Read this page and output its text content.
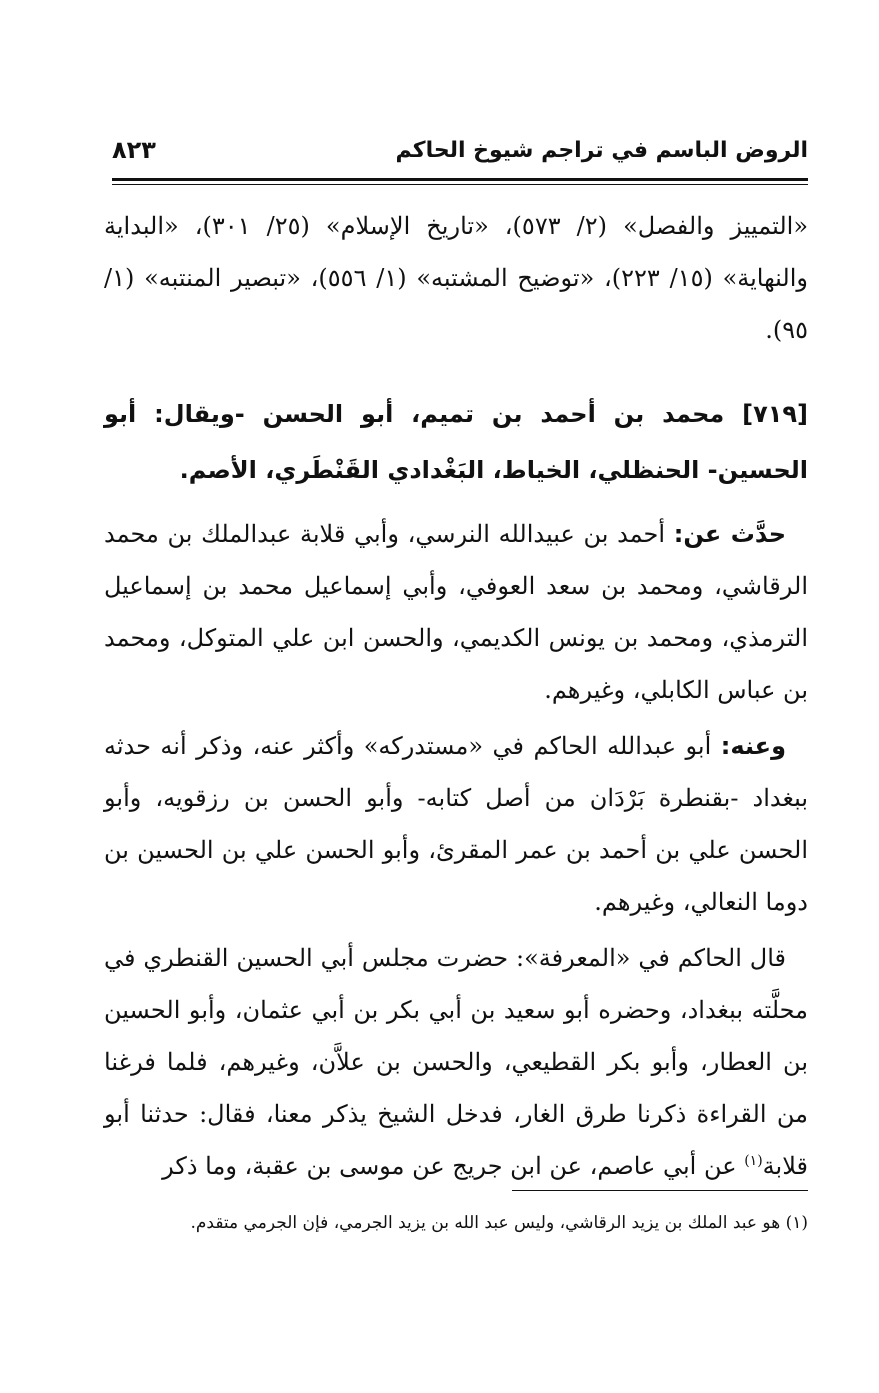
الروض الباسم في تراجم شيوخ الحاكم
٨٢٣

«التمييز والفصل» (٢/ ٥٧٣)، «تاريخ الإسلام» (٢٥/ ٣٠١)، «البداية والنهاية» (١٥/ ٢٢٣)، «توضيح المشتبه» (١/ ٥٥٦)، «تبصير المنتبه» (١/ ٩٥).

[٧١٩] محمد بن أحمد بن تميم، أبو الحسن -ويقال: أبو الحسين- الحنظلي، الخياط، البَغْدادي القَنْطَري، الأصم.

حدَّث عن: أحمد بن عبيدالله النرسي، وأبي قلابة عبدالملك بن محمد الرقاشي، ومحمد بن سعد العوفي، وأبي إسماعيل محمد بن إسماعيل الترمذي، ومحمد بن يونس الكديمي، والحسن ابن علي المتوكل، ومحمد بن عباس الكابلي، وغيرهم.

وعنه: أبو عبدالله الحاكم في «مستدركه» وأكثر عنه، وذكر أنه حدثه ببغداد -بقنطرة بَرْدَان من أصل كتابه- وأبو الحسن بن رزقويه، وأبو الحسن علي بن أحمد بن عمر المقرئ، وأبو الحسن علي بن الحسين بن دوما النعالي، وغيرهم.

قال الحاكم في «المعرفة»: حضرت مجلس أبي الحسين القنطري في محلَّته ببغداد، وحضره أبو سعيد بن أبي بكر بن أبي عثمان، وأبو الحسين بن العطار، وأبو بكر القطيعي، والحسن بن علاَّن، وغيرهم، فلما فرغنا من القراءة ذكرنا طرق الغار، فدخل الشيخ يذكر معنا، فقال: حدثنا أبو قلابة$^{(١)}$ عن أبي عاصم، عن ابن جريج عن موسى بن عقبة، وما ذكر

(١) هو عبد الملك بن يزيد الرقاشي، وليس عبد الله بن يزيد الجرمي، فإن الجرمي متقدم.
